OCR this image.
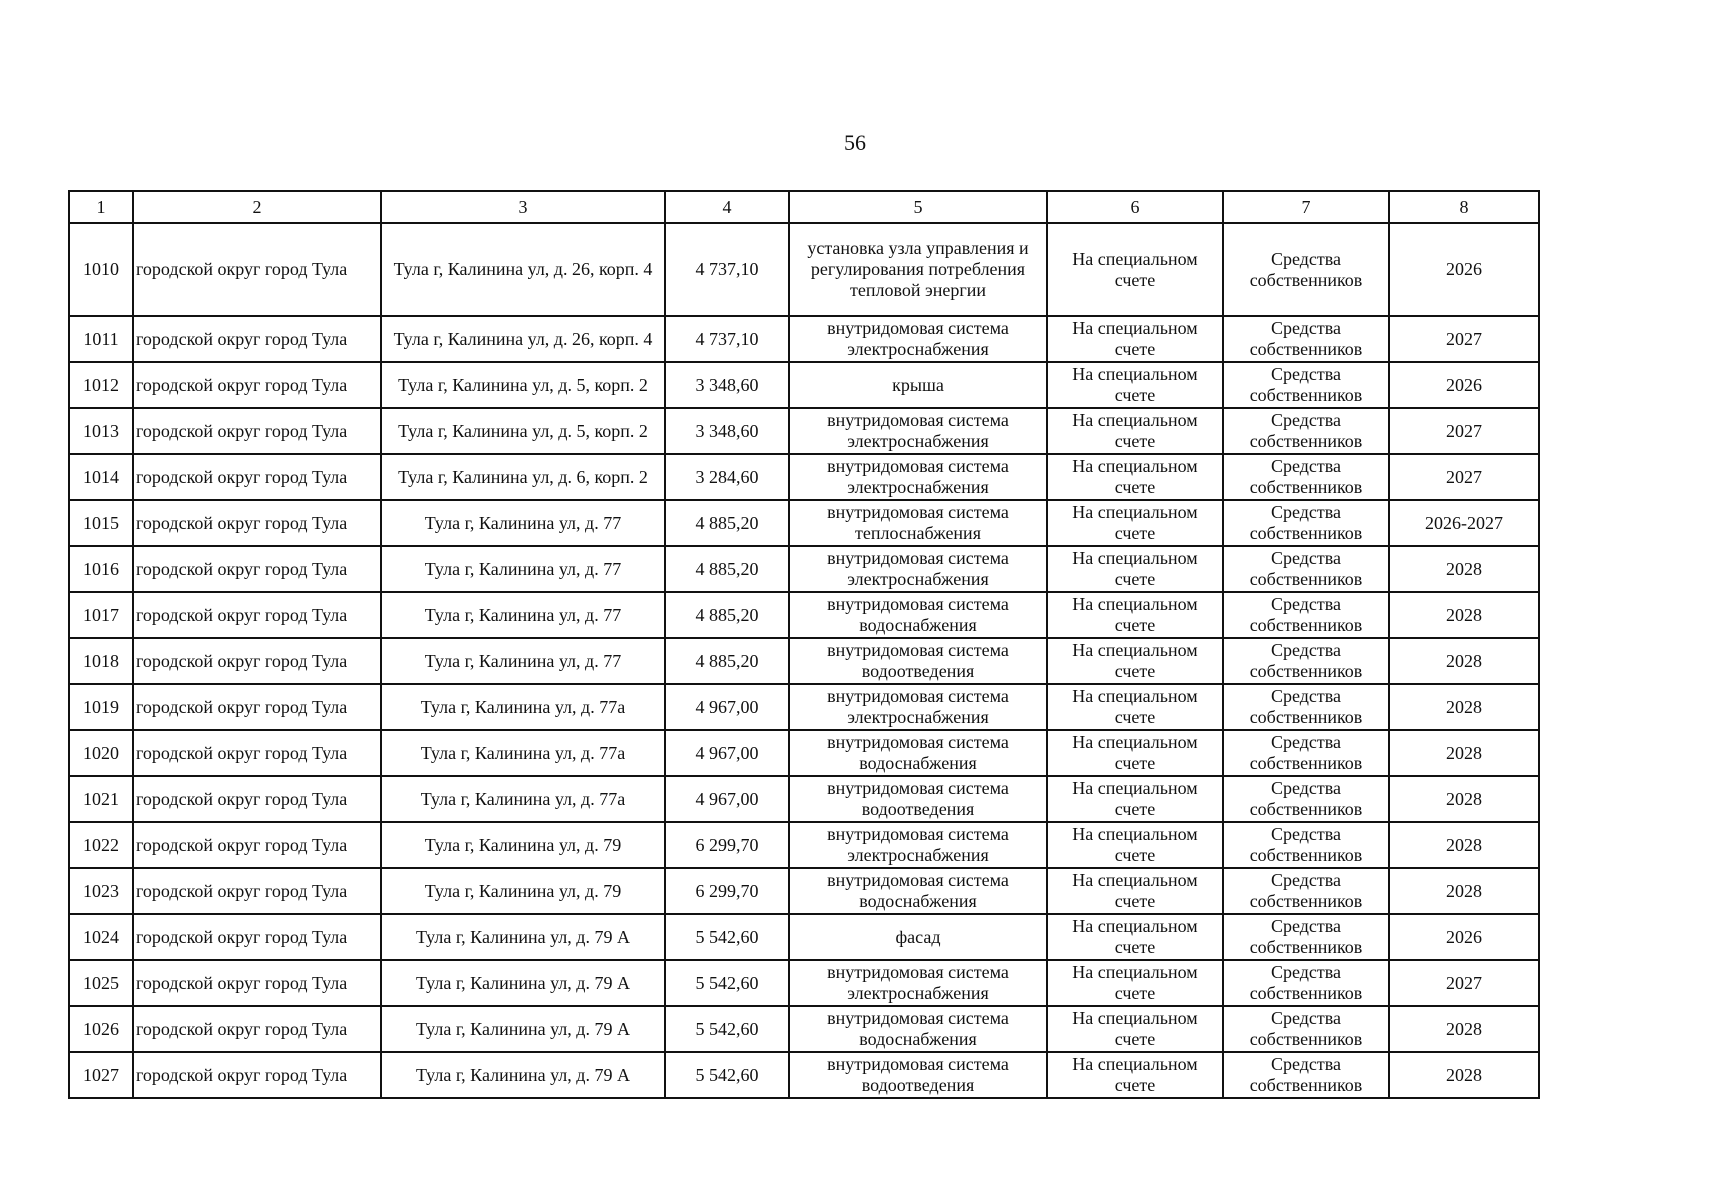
56
1	2	3	4	5	6	7	8
1010	городской округ город Тула	Тула г, Калинина ул, д. 26, корп. 4	4 737,10	установка узла управления и регулирования потребления тепловой энергии	На специальном счете	Средства собственников	2026
1011	городской округ город Тула	Тула г, Калинина ул, д. 26, корп. 4	4 737,10	внутридомовая система электроснабжения	На специальном счете	Средства собственников	2027
1012	городской округ город Тула	Тула г, Калинина ул, д. 5, корп. 2	3 348,60	крыша	На специальном счете	Средства собственников	2026
1013	городской округ город Тула	Тула г, Калинина ул, д. 5, корп. 2	3 348,60	внутридомовая система электроснабжения	На специальном счете	Средства собственников	2027
1014	городской округ город Тула	Тула г, Калинина ул, д. 6, корп. 2	3 284,60	внутридомовая система электроснабжения	На специальном счете	Средства собственников	2027
1015	городской округ город Тула	Тула г, Калинина ул, д. 77	4 885,20	внутридомовая система теплоснабжения	На специальном счете	Средства собственников	2026-2027
1016	городской округ город Тула	Тула г, Калинина ул, д. 77	4 885,20	внутридомовая система электроснабжения	На специальном счете	Средства собственников	2028
1017	городской округ город Тула	Тула г, Калинина ул, д. 77	4 885,20	внутридомовая система водоснабжения	На специальном счете	Средства собственников	2028
1018	городской округ город Тула	Тула г, Калинина ул, д. 77	4 885,20	внутридомовая система водоотведения	На специальном счете	Средства собственников	2028
1019	городской округ город Тула	Тула г, Калинина ул, д. 77а	4 967,00	внутридомовая система электроснабжения	На специальном счете	Средства собственников	2028
1020	городской округ город Тула	Тула г, Калинина ул, д. 77а	4 967,00	внутридомовая система водоснабжения	На специальном счете	Средства собственников	2028
1021	городской округ город Тула	Тула г, Калинина ул, д. 77а	4 967,00	внутридомовая система водоотведения	На специальном счете	Средства собственников	2028
1022	городской округ город Тула	Тула г, Калинина ул, д. 79	6 299,70	внутридомовая система электроснабжения	На специальном счете	Средства собственников	2028
1023	городской округ город Тула	Тула г, Калинина ул, д. 79	6 299,70	внутридомовая система водоснабжения	На специальном счете	Средства собственников	2028
1024	городской округ город Тула	Тула г, Калинина ул, д. 79 А	5 542,60	фасад	На специальном счете	Средства собственников	2026
1025	городской округ город Тула	Тула г, Калинина ул, д. 79 А	5 542,60	внутридомовая система электроснабжения	На специальном счете	Средства собственников	2027
1026	городской округ город Тула	Тула г, Калинина ул, д. 79 А	5 542,60	внутридомовая система водоснабжения	На специальном счете	Средства собственников	2028
1027	городской округ город Тула	Тула г, Калинина ул, д. 79 А	5 542,60	внутридомовая система водоотведения	На специальном счете	Средства собственников	2028
